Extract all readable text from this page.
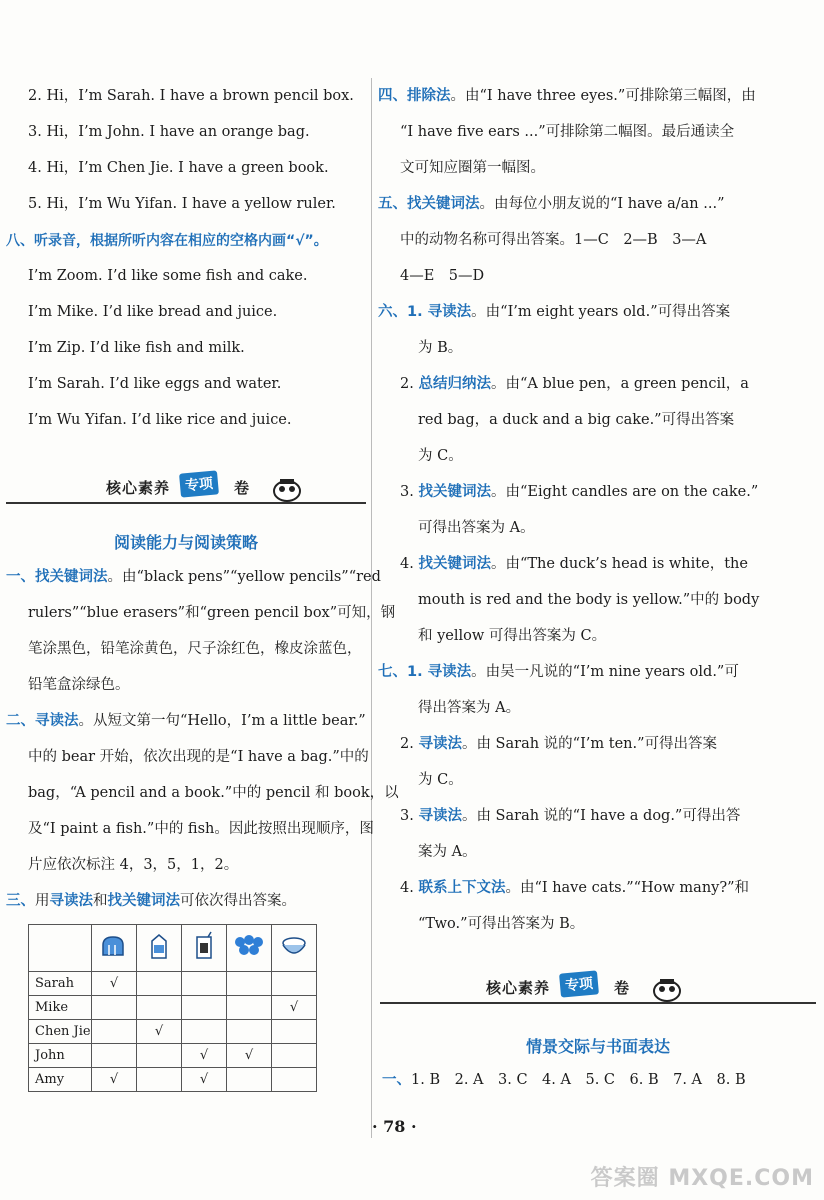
2. Hi，I’m Sarah. I have a brown pencil box.
3. Hi，I’m John. I have an orange bag.
4. Hi，I’m Chen Jie. I have a green book.
5. Hi，I’m Wu Yifan. I have a yellow ruler.
八、听录音，根据所听内容在相应的空格内画“√”。
I’m Zoom. I’d like some fish and cake.
I’m Mike. I’d like bread and juice.
I’m Zip. I’d like fish and milk.
I’m Sarah. I’d like eggs and water.
I’m Wu Yifan. I’d like rice and juice.
核心素养	专项	卷
阅读能力与阅读策略
一、找关键词法。由“black pens”“yellow pencils”“red
rulers”“blue erasers”和“green pencil box”可知，钢
笔涂黑色，铅笔涂黄色，尺子涂红色，橡皮涂蓝色，
铅笔盒涂绿色。
二、寻读法。从短文第一句“Hello，I’m a little bear.”
中的 bear 开始，依次出现的是“I have a bag.”中的
bag，“A pencil and a book.”中的 pencil 和 book，以
及“I paint a fish.”中的 fish。因此按照出现顺序，图
片应依次标注 4，3，5，1，2。
三、用寻读法和找关键词法可依次得出答案。

Sarah	√				
Mike					√
Chen Jie		√			
John			√	√	
Amy	√		√		
四、排除法。由“I have three eyes.”可排除第三幅图，由
“I have five ears ...”可排除第二幅图。最后通读全
文可知应圈第一幅图。
五、找关键词法。由每位小朋友说的“I have a/an ...”
中的动物名称可得出答案。1—C　2—B　3—A
4—E　5—D
六、1. 寻读法。由“I’m eight years old.”可得出答案
为 B。
2. 总结归纳法。由“A blue pen，a green pencil，a
red bag，a duck and a big cake.”可得出答案
为 C。
3. 找关键词法。由“Eight candles are on the cake.”
可得出答案为 A。
4. 找关键词法。由“The duck’s head is white，the
mouth is red and the body is yellow.”中的 body
和 yellow 可得出答案为 C。
七、1. 寻读法。由吴一凡说的“I’m nine years old.”可
得出答案为 A。
2. 寻读法。由 Sarah 说的“I’m ten.”可得出答案
为 C。
3. 寻读法。由 Sarah 说的“I have a dog.”可得出答
案为 A。
4. 联系上下文法。由“I have cats.”“How many?”和
“Two.”可得出答案为 B。
核心素养	专项	卷
情景交际与书面表达
一、1. B　2. A　3. C　4. A　5. C　6. B　7. A　8. B
· 78 ·
答案圈 MXQE.COM
